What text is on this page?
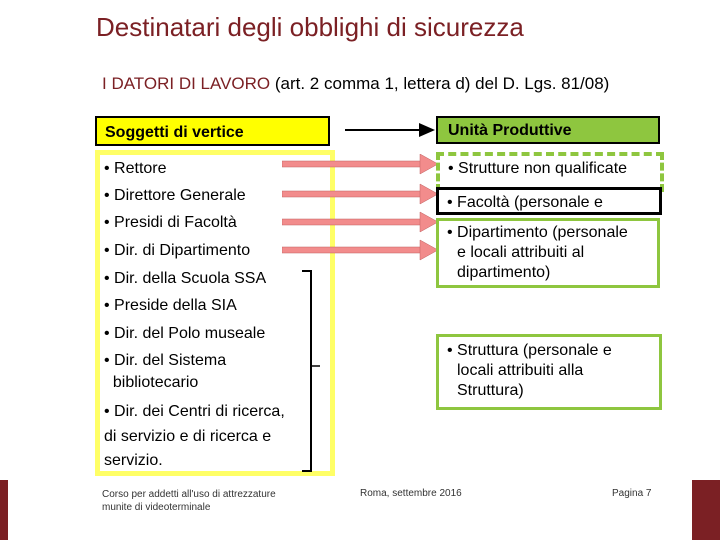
Destinatari degli obblighi di sicurezza
I DATORI DI LAVORO (art. 2 comma 1, lettera d) del D. Lgs. 81/08)
Soggetti di vertice	Unità Produttive
• Rettore
• Direttore Generale
• Presidi di Facoltà
• Dir. di Dipartimento
• Dir. della Scuola SSA
• Preside della SIA
• Dir. del Polo museale
• Dir. del Sistema
bibliotecario
• Dir. dei Centri di ricerca,
di servizio e di ricerca e
servizio.
• Strutture non qualificate
• Facoltà (personale e
• Dipartimento (personale
e locali attribuiti al
dipartimento)
• Struttura (personale e
locali attribuiti alla
Struttura)
Corso per addetti all'uso di attrezzature
munite di videoterminale
Roma, settembre 2016	Pagina 7
